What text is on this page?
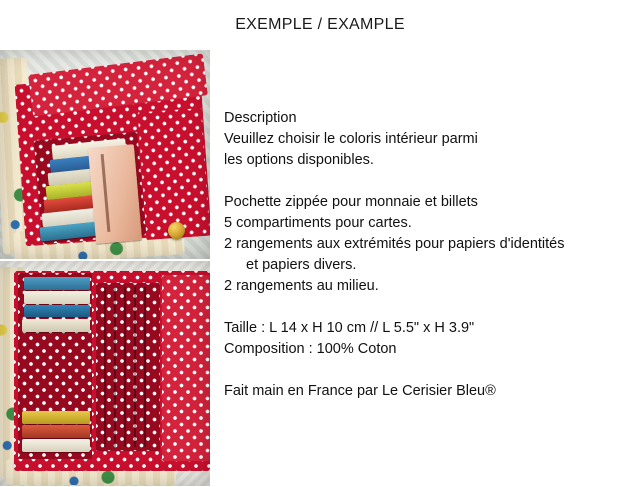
EXEMPLE / EXAMPLE

Description

Veuillez choisir le coloris intérieur parmi

les options disponibles.

Pochette zippée pour monnaie et billets

5 compartiments pour cartes.

2 rangements aux extrémités pour papiers d'identités

et papiers divers.

2 rangements au milieu.

Taille : L 14 x H 10 cm // L 5.5" x H 3.9"

Composition : 100% Coton

Fait main en France par Le Cerisier Bleu®
